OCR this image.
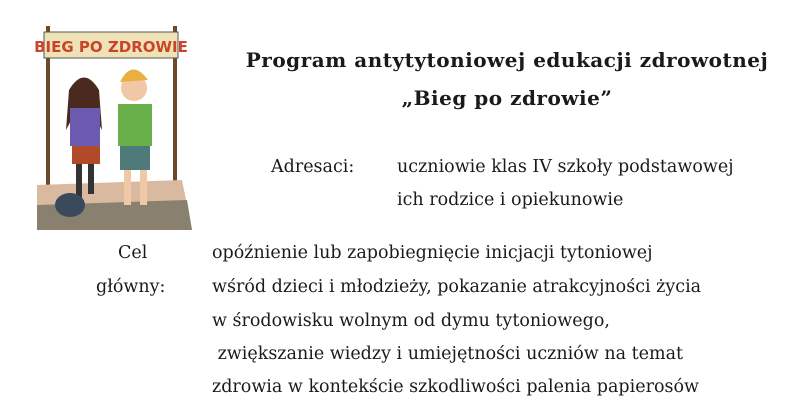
BIEG PO ZDROWIE
Program antytytoniowej edukacji zdrowotnej
„Bieg po zdrowie”
Adresaci: uczniowie klas IV szkoły podstawowej
ich rodzice i opiekunowie
Cel
główny:
opóźnienie lub zapobiegnięcie inicjacji tytoniowej
wśród dzieci i młodzieży, pokazanie atrakcyjności życia
w środowisku wolnym od dymu tytoniowego,
zwiększanie wiedzy i umiejętności uczniów na temat
zdrowia w kontekście szkodliwości palenia papierosów
